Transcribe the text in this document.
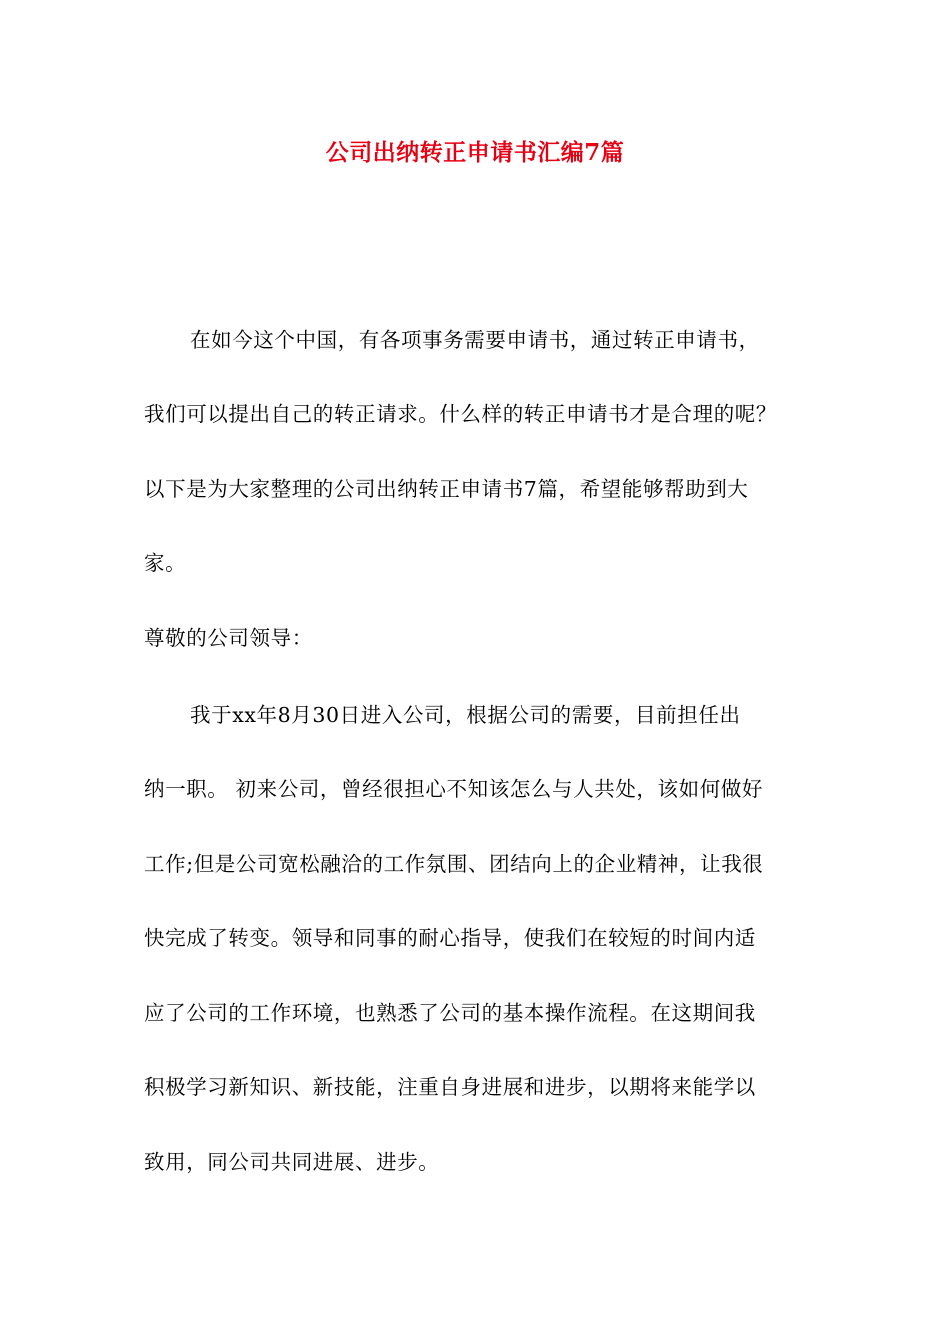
公司出纳转正申请书汇编7篇
在如今这个中国，有各项事务需要申请书，通过转正申请书，
我们可以提出自己的转正请求。什么样的转正申请书才是合理的呢？
以下是为大家整理的公司出纳转正申请书7篇，希望能够帮助到大
家。
尊敬的公司领导：
我于xx年8月30日进入公司，根据公司的需要，目前担任出
纳一职。 初来公司，曾经很担心不知该怎么与人共处，该如何做好
工作;但是公司宽松融洽的工作氛围、团结向上的企业精神，让我很
快完成了转变。领导和同事的耐心指导，使我们在较短的时间内适
应了公司的工作环境，也熟悉了公司的基本操作流程。在这期间我
积极学习新知识、新技能，注重自身进展和进步，以期将来能学以
致用，同公司共同进展、进步。
